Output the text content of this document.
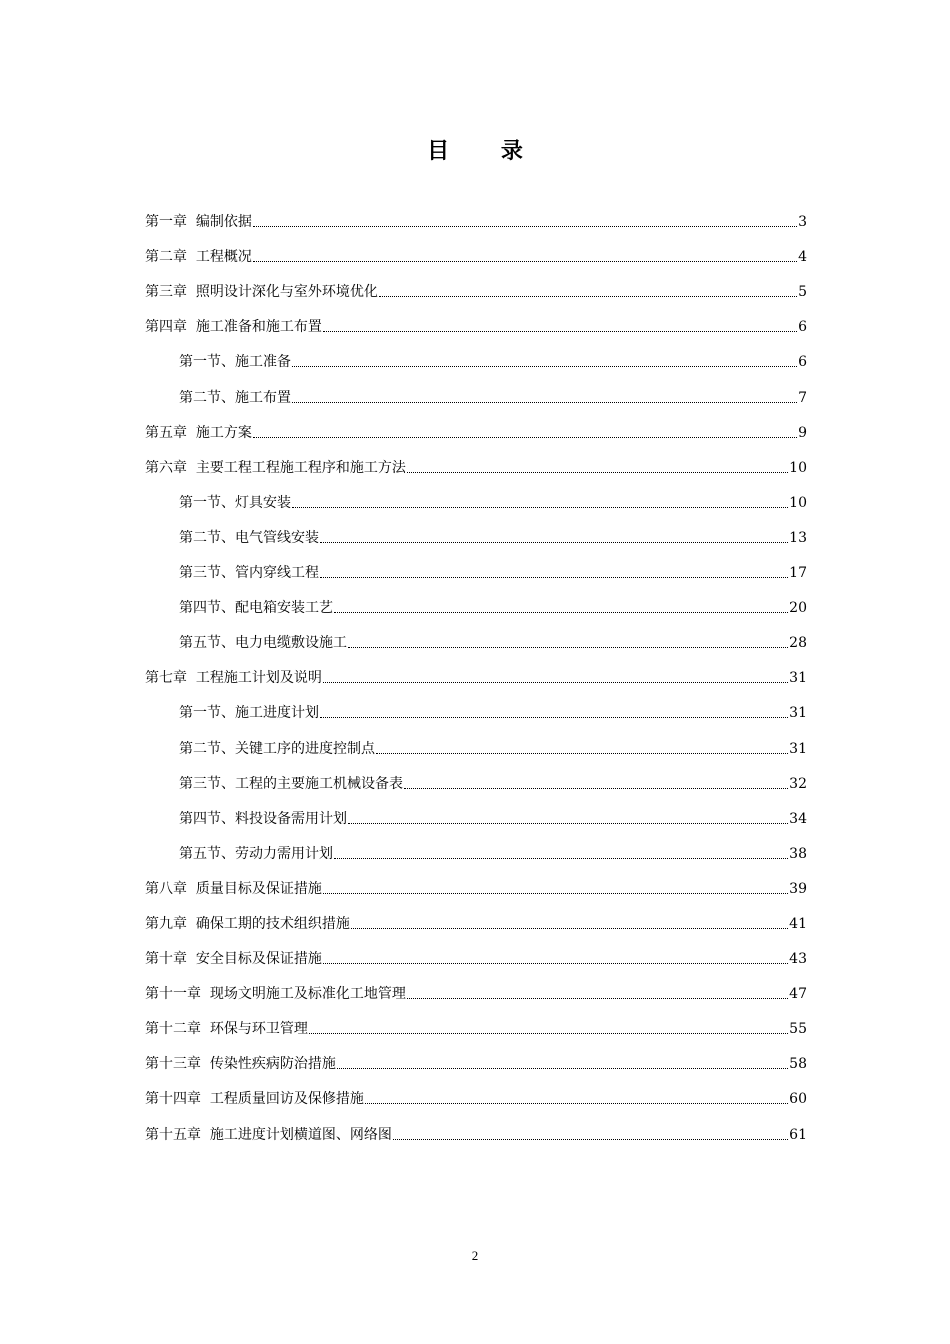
目 录
第一章  编制依据	3
第二章  工程概况	4
第三章  照明设计深化与室外环境优化	5
第四章  施工准备和施工布置	6
第一节、施工准备	6
第二节、施工布置	7
第五章  施工方案	9
第六章  主要工程工程施工程序和施工方法	10
第一节、灯具安装	10
第二节、电气管线安装	13
第三节、管内穿线工程	17
第四节、配电箱安装工艺	20
第五节、电力电缆敷设施工	28
第七章  工程施工计划及说明	31
第一节、施工进度计划	31
第二节、关键工序的进度控制点	31
第三节、工程的主要施工机械设备表	32
第四节、料投设备需用计划	34
第五节、劳动力需用计划	38
第八章  质量目标及保证措施	39
第九章  确保工期的技术组织措施	41
第十章  安全目标及保证措施	43
第十一章  现场文明施工及标准化工地管理	47
第十二章  环保与环卫管理	55
第十三章  传染性疾病防治措施	58
第十四章  工程质量回访及保修措施	60
第十五章  施工进度计划横道图、网络图	61
2
